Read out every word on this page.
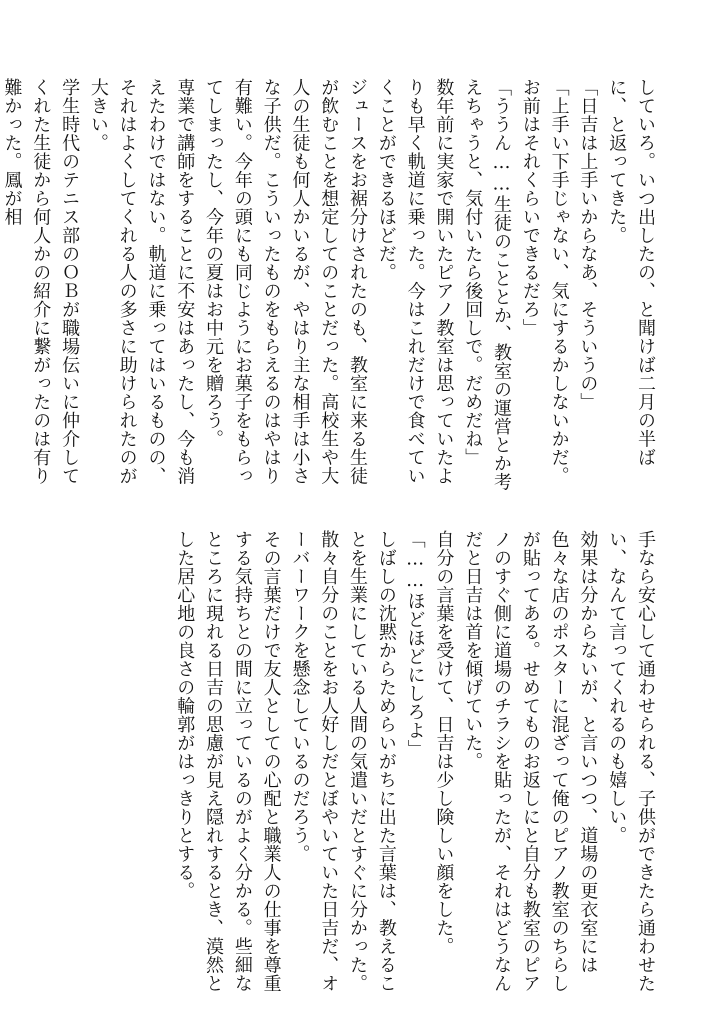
していろ。いつ出したの、と聞けば二月の半ばに、と返ってきた。

「日吉は上手いからなあ、そういうの」

「上手い下手じゃない、気にするかしないかだ。お前はそれくらいできるだろ」

「ううん……生徒のこととか、教室の運営とか考えちゃうと、気付いたら後回しで。だめだね」

数年前に実家で開いたピアノ教室は思っていたよりも早く軌道に乗った。今はこれだけで食べていくことができるほどだ。

ジュースをお裾分けされたのも、教室に来る生徒が飲むことを想定してのことだった。高校生や大人の生徒も何人かいるが、やはり主な相手は小さな子供だ。こういったものをもらえるのはやはり有難い。今年の頭にも同じようにお菓子をもらってしまったし、今年の夏はお中元を贈ろう。

専業で講師をすることに不安はあったし、今も消えたわけではない。軌道に乗ってはいるものの、それはよくしてくれる人の多さに助けられたのが大きい。

学生時代のテニス部のＯＢが職場伝いに仲介してくれた生徒から何人かの紹介に繋がったのは有り難かった。鳳が相

手なら安心して通わせられる、子供ができたら通わせたい、なんて言ってくれるのも嬉しい。

効果は分からないが、と言いつつ、道場の更衣室には色々な店のポスターに混ざって俺のピアノ教室のちらしが貼ってある。せめてものお返しにと自分も教室のピアノのすぐ側に道場のチラシを貼ったが、それはどうなんだと日吉は首を傾げていた。

自分の言葉を受けて、日吉は少し険しい顔をした。

「……ほどほどにしろよ」

しばしの沈黙からためらいがちに出た言葉は、教えることを生業にしている人間の気遣いだとすぐに分かった。散々自分のことをお人好しだとぼやいていた日吉だ、オーバーワークを懸念しているのだろう。

その言葉だけで友人としての心配と職業人の仕事を尊重する気持ちとの間に立っているのがよく分かる。些細なところに現れる日吉の思慮が見え隠れするとき、漠然とした居心地の良さの輪郭がはっきりとする。
